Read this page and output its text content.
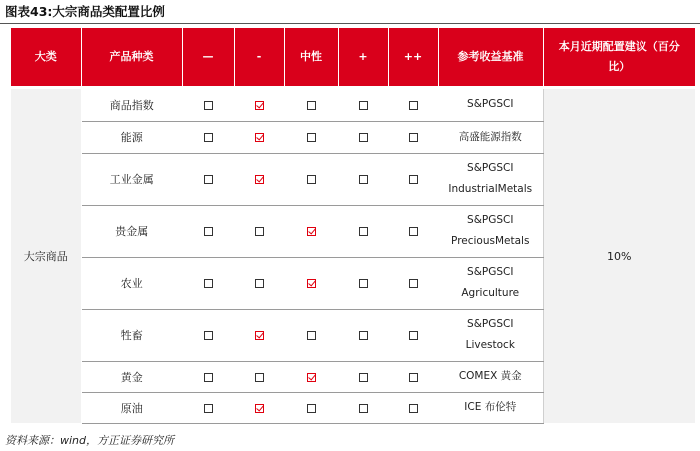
图表43:大宗商品类配置比例
大类	产品种类	—	-	中性	+	++	参考收益基准	本月近期配置建议（百分比）

大宗商品	商品指数						S&PGSCI	10%
	能源						高盛能源指数	

	工业金属						S&PGSCI
IndustrialMetals	

	贵金属						S&PGSCI
PreciousMetals	

	农业						S&PGSCI
Agriculture	

	牲畜						S&PGSCI
Livestock	

	黄金						COMEX 黄金	

	原油						ICE 布伦特	
资料来源：wind，方正证券研究所
